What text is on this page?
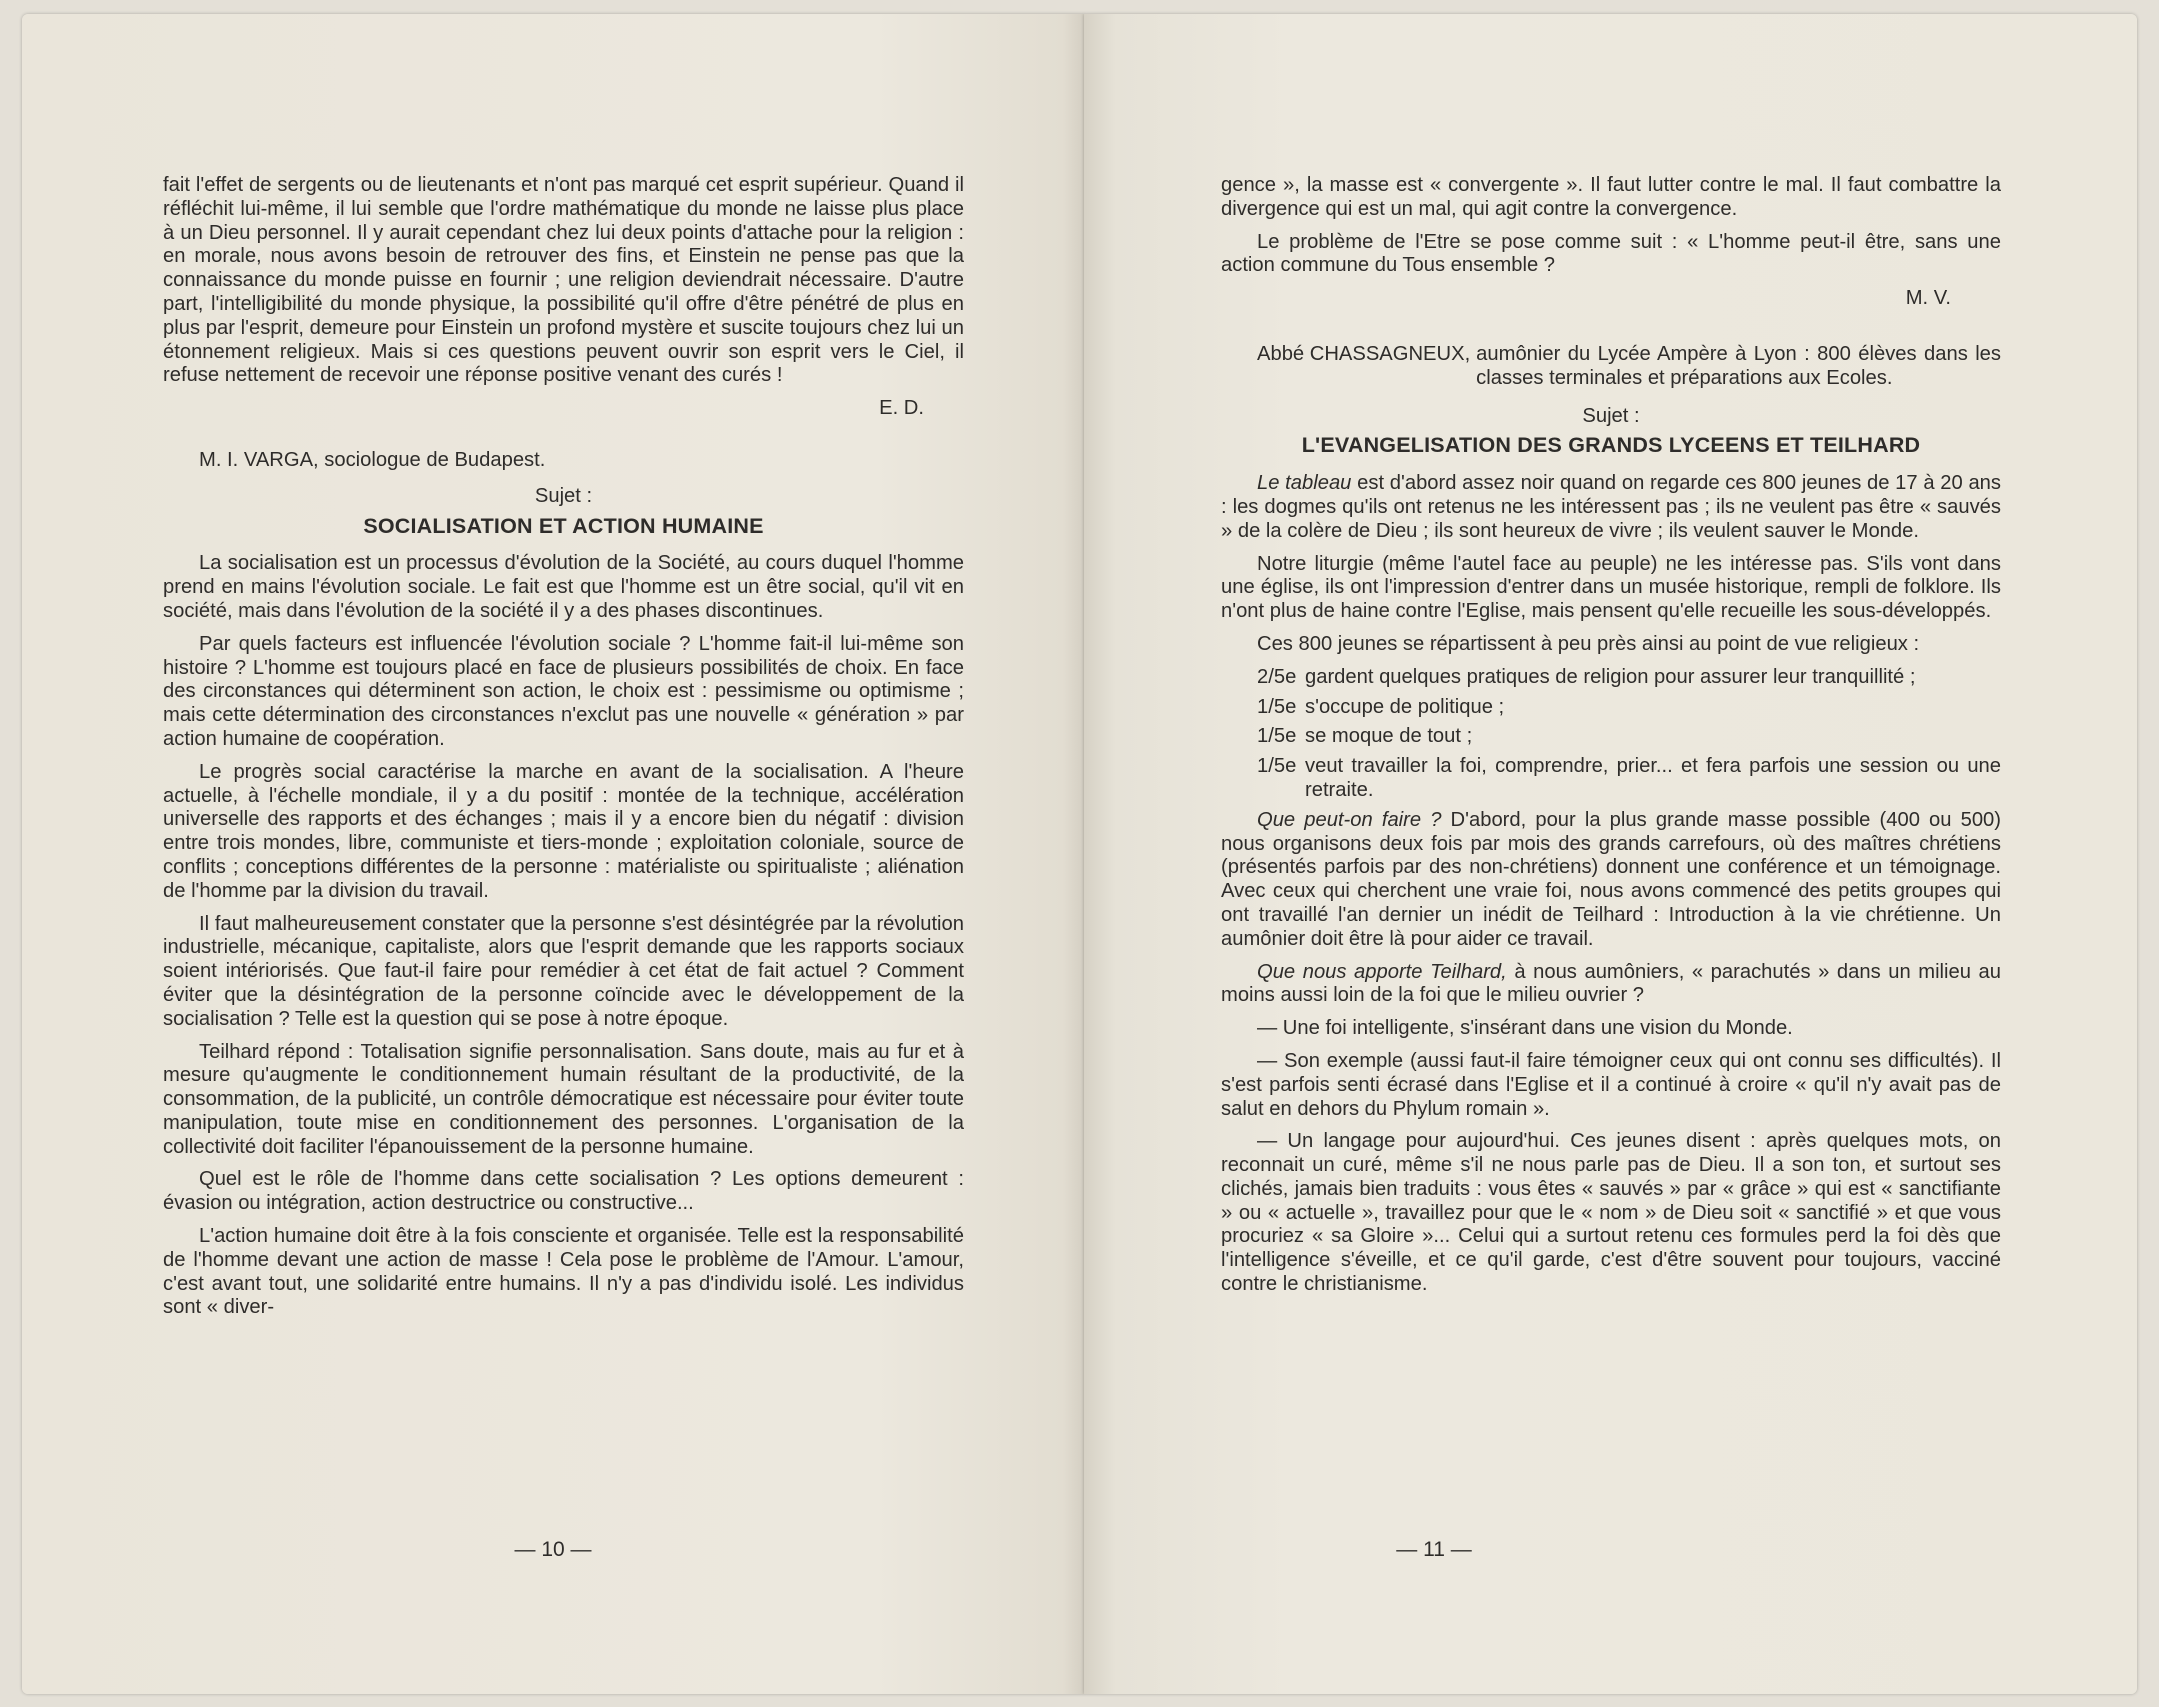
fait l'effet de sergents ou de lieutenants et n'ont pas marqué cet esprit supérieur. Quand il réfléchit lui-même, il lui semble que l'ordre mathématique du monde ne laisse plus place à un Dieu personnel. Il y aurait cependant chez lui deux points d'attache pour la religion : en morale, nous avons besoin de retrouver des fins, et Einstein ne pense pas que la connaissance du monde puisse en fournir ; une religion deviendrait nécessaire. D'autre part, l'intelligibilité du monde physique, la possibilité qu'il offre d'être pénétré de plus en plus par l'esprit, demeure pour Einstein un profond mystère et suscite toujours chez lui un étonnement religieux. Mais si ces questions peuvent ouvrir son esprit vers le Ciel, il refuse nettement de recevoir une réponse positive venant des curés !

E. D.
M. I. VARGA, sociologue de Budapest.
Sujet :
SOCIALISATION ET ACTION HUMAINE

La socialisation est un processus d'évolution de la Société, au cours duquel l'homme prend en mains l'évolution sociale. Le fait est que l'homme est un être social, qu'il vit en société, mais dans l'évolution de la société il y a des phases discontinues.

Par quels facteurs est influencée l'évolution sociale ? L'homme fait-il lui-même son histoire ? L'homme est toujours placé en face de plusieurs possibilités de choix. En face des circonstances qui déterminent son action, le choix est : pessimisme ou optimisme ; mais cette détermination des circonstances n'exclut pas une nouvelle « génération » par action humaine de coopération.

Le progrès social caractérise la marche en avant de la socialisation. A l'heure actuelle, à l'échelle mondiale, il y a du positif : montée de la technique, accélération universelle des rapports et des échanges ; mais il y a encore bien du négatif : division entre trois mondes, libre, communiste et tiers-monde ; exploitation coloniale, source de conflits ; conceptions différentes de la personne : matérialiste ou spiritualiste ; aliénation de l'homme par la division du travail.

Il faut malheureusement constater que la personne s'est désintégrée par la révolution industrielle, mécanique, capitaliste, alors que l'esprit demande que les rapports sociaux soient intériorisés. Que faut-il faire pour remédier à cet état de fait actuel ? Comment éviter que la désintégration de la personne coïncide avec le développement de la socialisation ? Telle est la question qui se pose à notre époque.

Teilhard répond : Totalisation signifie personnalisation. Sans doute, mais au fur et à mesure qu'augmente le conditionnement humain résultant de la productivité, de la consommation, de la publicité, un contrôle démocratique est nécessaire pour éviter toute manipulation, toute mise en conditionnement des personnes. L'organisation de la collectivité doit faciliter l'épanouissement de la personne humaine.

Quel est le rôle de l'homme dans cette socialisation ? Les options demeurent : évasion ou intégration, action destructrice ou constructive...

L'action humaine doit être à la fois consciente et organisée. Telle est la responsabilité de l'homme devant une action de masse ! Cela pose le problème de l'Amour. L'amour, c'est avant tout, une solidarité entre humains. Il n'y a pas d'individu isolé. Les individus sont « diver-

— 10 —

gence », la masse est « convergente ». Il faut lutter contre le mal. Il faut combattre la divergence qui est un mal, qui agit contre la convergence.

Le problème de l'Etre se pose comme suit : « L'homme peut-il être, sans une action commune du Tous ensemble ?

M. V.
Abbé CHASSAGNEUX, aumônier du Lycée Ampère à Lyon : 800 élèves dans les classes terminales et préparations aux Ecoles.
Sujet :
L'EVANGELISATION DES GRANDS LYCEENS ET TEILHARD

Le tableau est d'abord assez noir quand on regarde ces 800 jeunes de 17 à 20 ans : les dogmes qu'ils ont retenus ne les intéressent pas ; ils ne veulent pas être « sauvés » de la colère de Dieu ; ils sont heureux de vivre ; ils veulent sauver le Monde.

Notre liturgie (même l'autel face au peuple) ne les intéresse pas. S'ils vont dans une église, ils ont l'impression d'entrer dans un musée historique, rempli de folklore. Ils n'ont plus de haine contre l'Eglise, mais pensent qu'elle recueille les sous-développés.

Ces 800 jeunes se répartissent à peu près ainsi au point de vue religieux :

2/5e gardent quelques pratiques de religion pour assurer leur tranquillité ;
1/5e s'occupe de politique ;
1/5e se moque de tout ;
1/5e veut travailler la foi, comprendre, prier... et fera parfois une session ou une retraite.

Que peut-on faire ? D'abord, pour la plus grande masse possible (400 ou 500) nous organisons deux fois par mois des grands carrefours, où des maîtres chrétiens (présentés parfois par des non-chrétiens) donnent une conférence et un témoignage. Avec ceux qui cherchent une vraie foi, nous avons commencé des petits groupes qui ont travaillé l'an dernier un inédit de Teilhard : Introduction à la vie chrétienne. Un aumônier doit être là pour aider ce travail.

Que nous apporte Teilhard, à nous aumôniers, « parachutés » dans un milieu au moins aussi loin de la foi que le milieu ouvrier ?

— Une foi intelligente, s'insérant dans une vision du Monde.
— Son exemple (aussi faut-il faire témoigner ceux qui ont connu ses difficultés). Il s'est parfois senti écrasé dans l'Eglise et il a continué à croire « qu'il n'y avait pas de salut en dehors du Phylum romain ».
— Un langage pour aujourd'hui. Ces jeunes disent : après quelques mots, on reconnait un curé, même s'il ne nous parle pas de Dieu. Il a son ton, et surtout ses clichés, jamais bien traduits : vous êtes « sauvés » par « grâce » qui est « sanctifiante » ou « actuelle », travaillez pour que le « nom » de Dieu soit « sanctifié » et que vous procuriez « sa Gloire »... Celui qui a surtout retenu ces formules perd la foi dès que l'intelligence s'éveille, et ce qu'il garde, c'est d'être souvent pour toujours, vacciné contre le christianisme.
— 11 —
